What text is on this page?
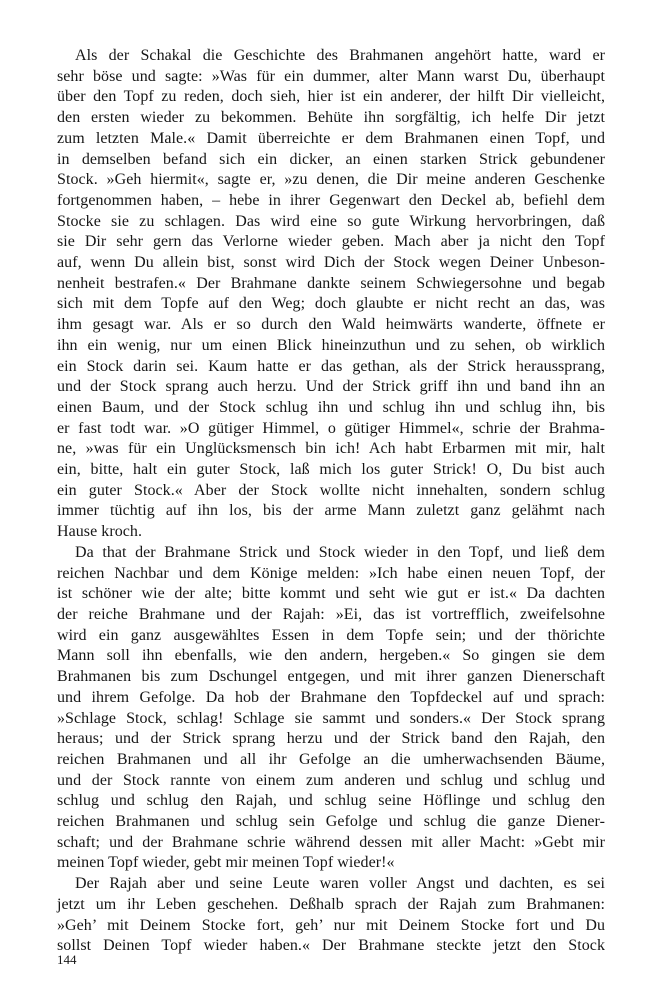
Als der Schakal die Geschichte des Brahmanen angehört hatte, ward er
sehr böse und sagte: »Was für ein dummer, alter Mann warst Du, überhaupt
über den Topf zu reden, doch sieh, hier ist ein anderer, der hilft Dir vielleicht,
den ersten wieder zu bekommen. Behüte ihn sorgfältig, ich helfe Dir jetzt
zum letzten Male.« Damit überreichte er dem Brahmanen einen Topf, und
in demselben befand sich ein dicker, an einen starken Strick gebundener
Stock. »Geh hiermit«, sagte er, »zu denen, die Dir meine anderen Geschenke
fortgenommen haben, – hebe in ihrer Gegenwart den Deckel ab, befiehl dem
Stocke sie zu schlagen. Das wird eine so gute Wirkung hervorbringen, daß
sie Dir sehr gern das Verlorne wieder geben. Mach aber ja nicht den Topf
auf, wenn Du allein bist, sonst wird Dich der Stock wegen Deiner Unbeson-
nenheit bestrafen.« Der Brahmane dankte seinem Schwiegersohne und begab
sich mit dem Topfe auf den Weg; doch glaubte er nicht recht an das, was
ihm gesagt war. Als er so durch den Wald heimwärts wanderte, öffnete er
ihn ein wenig, nur um einen Blick hineinzuthun und zu sehen, ob wirklich
ein Stock darin sei. Kaum hatte er das gethan, als der Strick heraussprang,
und der Stock sprang auch herzu. Und der Strick griff ihn und band ihn an
einen Baum, und der Stock schlug ihn und schlug ihn und schlug ihn, bis
er fast todt war. »O gütiger Himmel, o gütiger Himmel«, schrie der Brahma-
ne, »was für ein Unglücksmensch bin ich! Ach habt Erbarmen mit mir, halt
ein, bitte, halt ein guter Stock, laß mich los guter Strick! O, Du bist auch
ein guter Stock.« Aber der Stock wollte nicht innehalten, sondern schlug
immer tüchtig auf ihn los, bis der arme Mann zuletzt ganz gelähmt nach
Hause kroch.

Da that der Brahmane Strick und Stock wieder in den Topf, und ließ dem
reichen Nachbar und dem Könige melden: »Ich habe einen neuen Topf, der
ist schöner wie der alte; bitte kommt und seht wie gut er ist.« Da dachten
der reiche Brahmane und der Rajah: »Ei, das ist vortrefflich, zweifelsohne
wird ein ganz ausgewähltes Essen in dem Topfe sein; und der thörichte
Mann soll ihn ebenfalls, wie den andern, hergeben.« So gingen sie dem
Brahmanen bis zum Dschungel entgegen, und mit ihrer ganzen Dienerschaft
und ihrem Gefolge. Da hob der Brahmane den Topfdeckel auf und sprach:
»Schlage Stock, schlag! Schlage sie sammt und sonders.« Der Stock sprang
heraus; und der Strick sprang herzu und der Strick band den Rajah, den
reichen Brahmanen und all ihr Gefolge an die umherwachsenden Bäume,
und der Stock rannte von einem zum anderen und schlug und schlug und
schlug und schlug den Rajah, und schlug seine Höflinge und schlug den
reichen Brahmanen und schlug sein Gefolge und schlug die ganze Diener-
schaft; und der Brahmane schrie während dessen mit aller Macht: »Gebt mir
meinen Topf wieder, gebt mir meinen Topf wieder!«

Der Rajah aber und seine Leute waren voller Angst und dachten, es sei
jetzt um ihr Leben geschehen. Deßhalb sprach der Rajah zum Brahmanen:
»Geh’ mit Deinem Stocke fort, geh’ nur mit Deinem Stocke fort und Du
sollst Deinen Topf wieder haben.« Der Brahmane steckte jetzt den Stock

144
